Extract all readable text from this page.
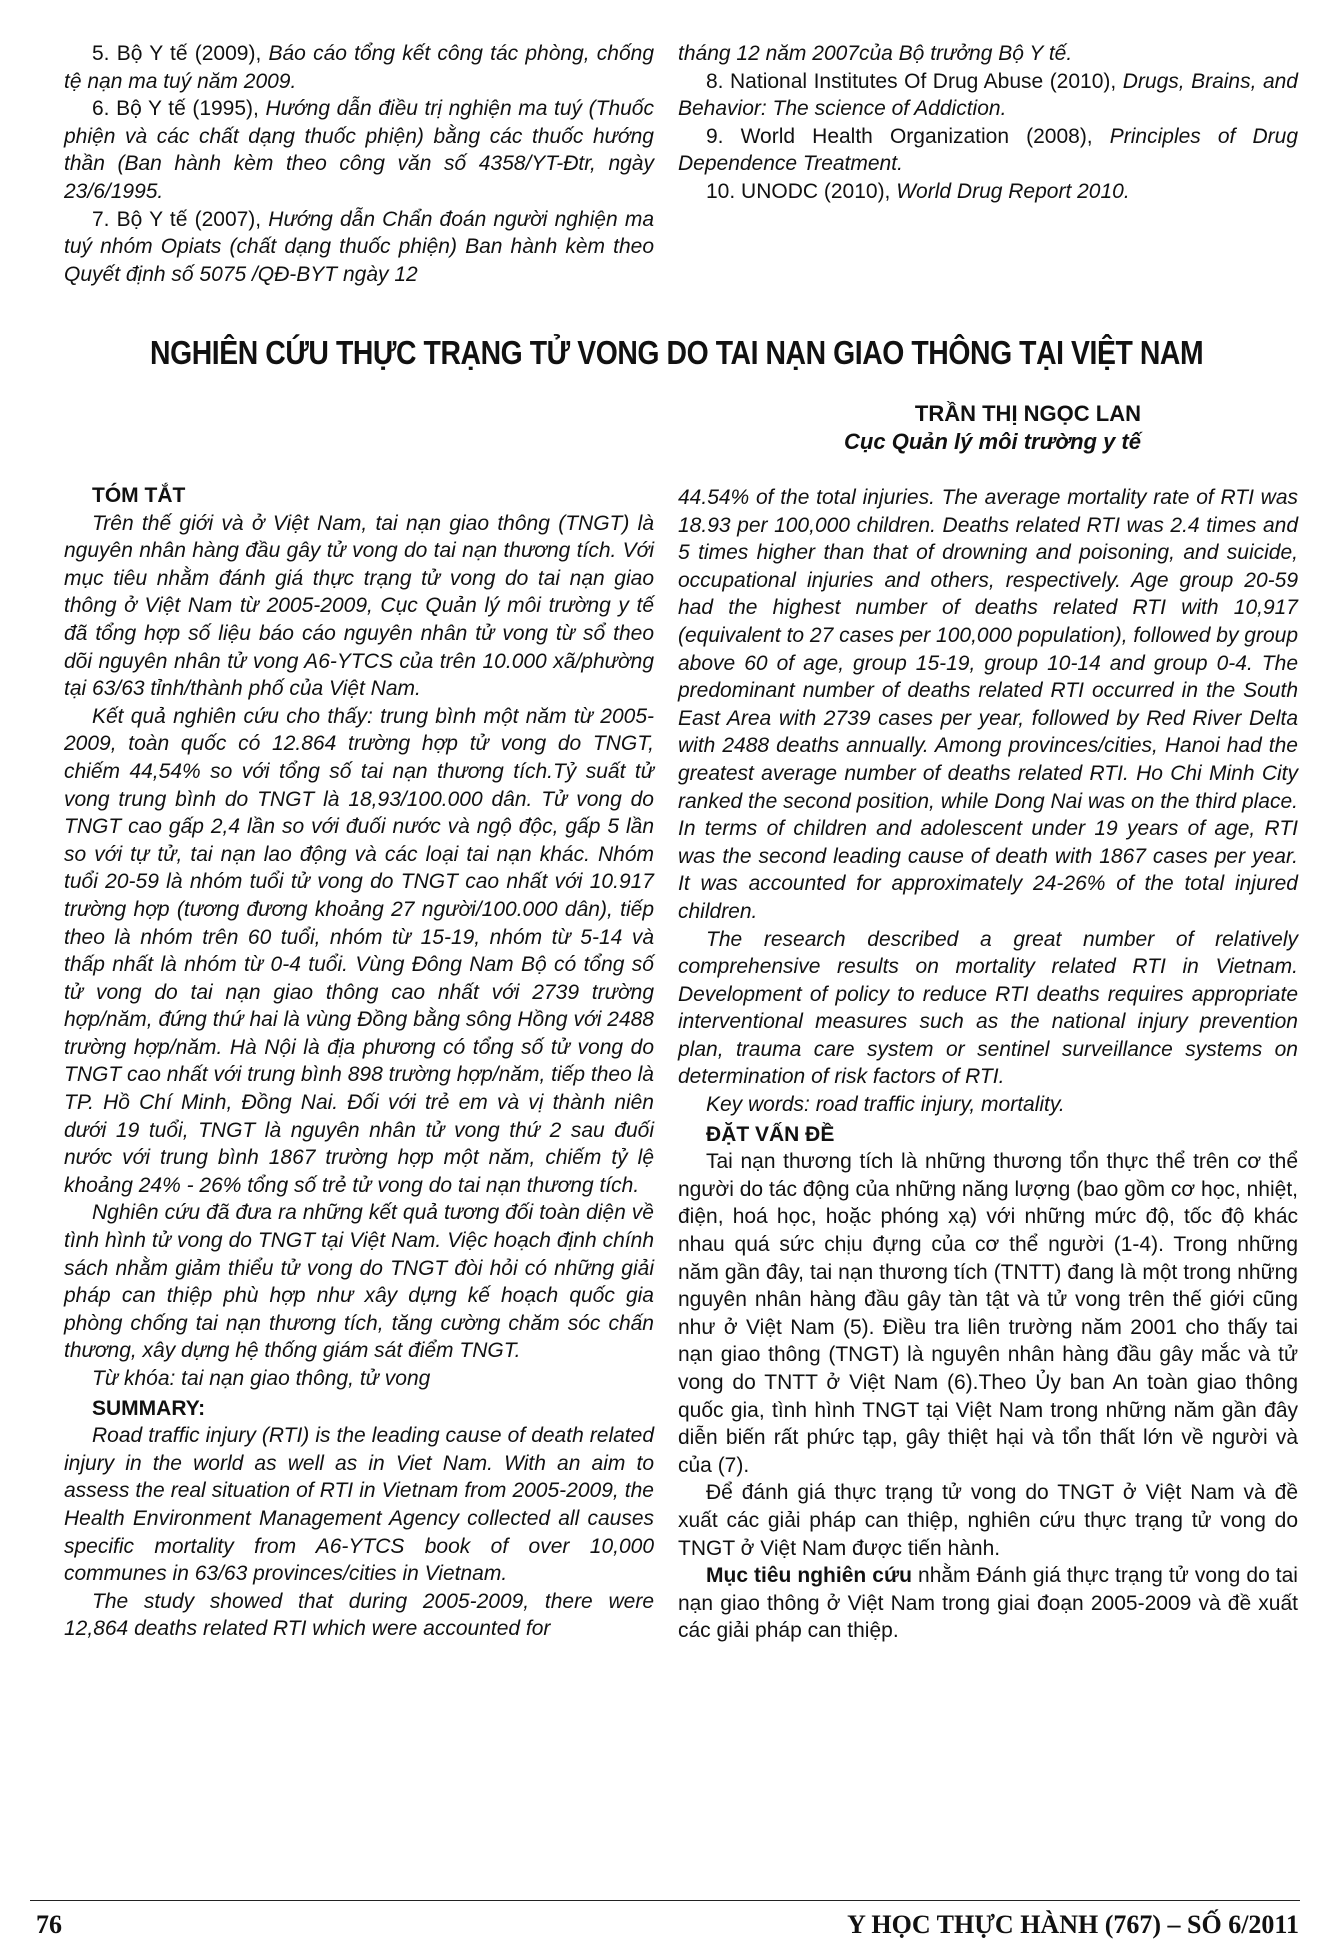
5. Bộ Y tế (2009), Báo cáo tổng kết công tác phòng, chống tệ nạn ma tuý năm 2009.

6. Bộ Y tế (1995), Hướng dẫn điều trị nghiện ma tuý (Thuốc phiện và các chất dạng thuốc phiện) bằng các thuốc hướng thần (Ban hành kèm theo công văn số 4358/YT-Đtr, ngày 23/6/1995.

7. Bộ Y tế (2007), Hướng dẫn Chẩn đoán người nghiện ma tuý nhóm Opiats (chất dạng thuốc phiện) Ban hành kèm theo Quyết định số 5075 /QĐ-BYT ngày 12

tháng 12 năm 2007của Bộ trưởng Bộ Y tế.

8. National Institutes Of Drug Abuse (2010), Drugs, Brains, and Behavior: The science of Addiction.

9. World Health Organization (2008), Principles of Drug Dependence Treatment.

10. UNODC (2010), World Drug Report 2010.

NGHIÊN CỨU THỰC TRẠNG TỬ VONG DO TAI NẠN GIAO THÔNG TẠI VIỆT NAM
TRẦN THỊ NGỌC LAN
Cục Quản lý môi trường y tế

TÓM TẮT

Trên thế giới và ở Việt Nam, tai nạn giao thông (TNGT) là nguyên nhân hàng đầu gây tử vong do tai nạn thương tích. Với mục tiêu nhằm đánh giá thực trạng tử vong do tai nạn giao thông ở Việt Nam từ 2005-2009, Cục Quản lý môi trường y tế đã tổng hợp số liệu báo cáo nguyên nhân tử vong từ sổ theo dõi nguyên nhân tử vong A6-YTCS của trên 10.000 xã/phường tại 63/63 tỉnh/thành phố của Việt Nam.

Kết quả nghiên cứu cho thấy: trung bình một năm từ 2005-2009, toàn quốc có 12.864 trường hợp tử vong do TNGT, chiếm 44,54% so với tổng số tai nạn thương tích.Tỷ suất tử vong trung bình do TNGT là 18,93/100.000 dân. Tử vong do TNGT cao gấp 2,4 lần so với đuối nước và ngộ độc, gấp 5 lần so với tự tử, tai nạn lao động và các loại tai nạn khác. Nhóm tuổi 20-59 là nhóm tuổi tử vong do TNGT cao nhất với 10.917 trường hợp (tương đương khoảng 27 người/100.000 dân), tiếp theo là nhóm trên 60 tuổi, nhóm từ 15-19, nhóm từ 5-14 và thấp nhất là nhóm từ 0-4 tuổi. Vùng Đông Nam Bộ có tổng số tử vong do tai nạn giao thông cao nhất với 2739 trường hợp/năm, đứng thứ hai là vùng Đồng bằng sông Hồng với 2488 trường hợp/năm. Hà Nội là địa phương có tổng số tử vong do TNGT cao nhất với trung bình 898 trường hợp/năm, tiếp theo là TP. Hồ Chí Minh, Đồng Nai. Đối với trẻ em và vị thành niên dưới 19 tuổi, TNGT là nguyên nhân tử vong thứ 2 sau đuối nước với trung bình 1867 trường hợp một năm, chiếm tỷ lệ khoảng 24% - 26% tổng số trẻ tử vong do tai nạn thương tích.

Nghiên cứu đã đưa ra những kết quả tương đối toàn diện về tình hình tử vong do TNGT tại Việt Nam. Việc hoạch định chính sách nhằm giảm thiểu tử vong do TNGT đòi hỏi có những giải pháp can thiệp phù hợp như xây dựng kế hoạch quốc gia phòng chống tai nạn thương tích, tăng cường chăm sóc chấn thương, xây dựng hệ thống giám sát điểm TNGT.

Từ khóa: tai nạn giao thông, tử vong

SUMMARY:

Road traffic injury (RTI) is the leading cause of death related injury in the world as well as in Viet Nam. With an aim to assess the real situation of RTI in Vietnam from 2005-2009, the Health Environment Management Agency collected all causes specific mortality from A6-YTCS book of over 10,000 communes in 63/63 provinces/cities in Vietnam.

The study showed that during 2005-2009, there were 12,864 deaths related RTI which were accounted for

44.54% of the total injuries. The average mortality rate of RTI was 18.93 per 100,000 children. Deaths related RTI was 2.4 times and 5 times higher than that of drowning and poisoning, and suicide, occupational injuries and others, respectively. Age group 20-59 had the highest number of deaths related RTI with 10,917 (equivalent to 27 cases per 100,000 population), followed by group above 60 of age, group 15-19, group 10-14 and group 0-4. The predominant number of deaths related RTI occurred in the South East Area with 2739 cases per year, followed by Red River Delta with 2488 deaths annually. Among provinces/cities, Hanoi had the greatest average number of deaths related RTI. Ho Chi Minh City ranked the second position, while Dong Nai was on the third place. In terms of children and adolescent under 19 years of age, RTI was the second leading cause of death with 1867 cases per year. It was accounted for approximately 24-26% of the total injured children.

The research described a great number of relatively comprehensive results on mortality related RTI in Vietnam. Development of policy to reduce RTI deaths requires appropriate interventional measures such as the national injury prevention plan, trauma care system or sentinel surveillance systems on determination of risk factors of RTI.

Key words: road traffic injury, mortality.

ĐẶT VẤN ĐỀ

Tai nạn thương tích là những thương tổn thực thể trên cơ thể người do tác động của những năng lượng (bao gồm cơ học, nhiệt, điện, hoá học, hoặc phóng xạ) với những mức độ, tốc độ khác nhau quá sức chịu đựng của cơ thể người (1-4). Trong những năm gần đây, tai nạn thương tích (TNTT) đang là một trong những nguyên nhân hàng đầu gây tàn tật và tử vong trên thế giới cũng như ở Việt Nam (5). Điều tra liên trường năm 2001 cho thấy tai nạn giao thông (TNGT) là nguyên nhân hàng đầu gây mắc và tử vong do TNTT ở Việt Nam (6).Theo Ủy ban An toàn giao thông quốc gia, tình hình TNGT tại Việt Nam trong những năm gần đây diễn biến rất phức tạp, gây thiệt hại và tổn thất lớn về người và của (7).

Để đánh giá thực trạng tử vong do TNGT ở Việt Nam và đề xuất các giải pháp can thiệp, nghiên cứu thực trạng tử vong do TNGT ở Việt Nam được tiến hành.

Mục tiêu nghiên cứu nhằm Đánh giá thực trạng tử vong do tai nạn giao thông ở Việt Nam trong giai đoạn 2005-2009 và đề xuất các giải pháp can thiệp.

76	Y HỌC THỰC HÀNH (767) – SỐ 6/2011
